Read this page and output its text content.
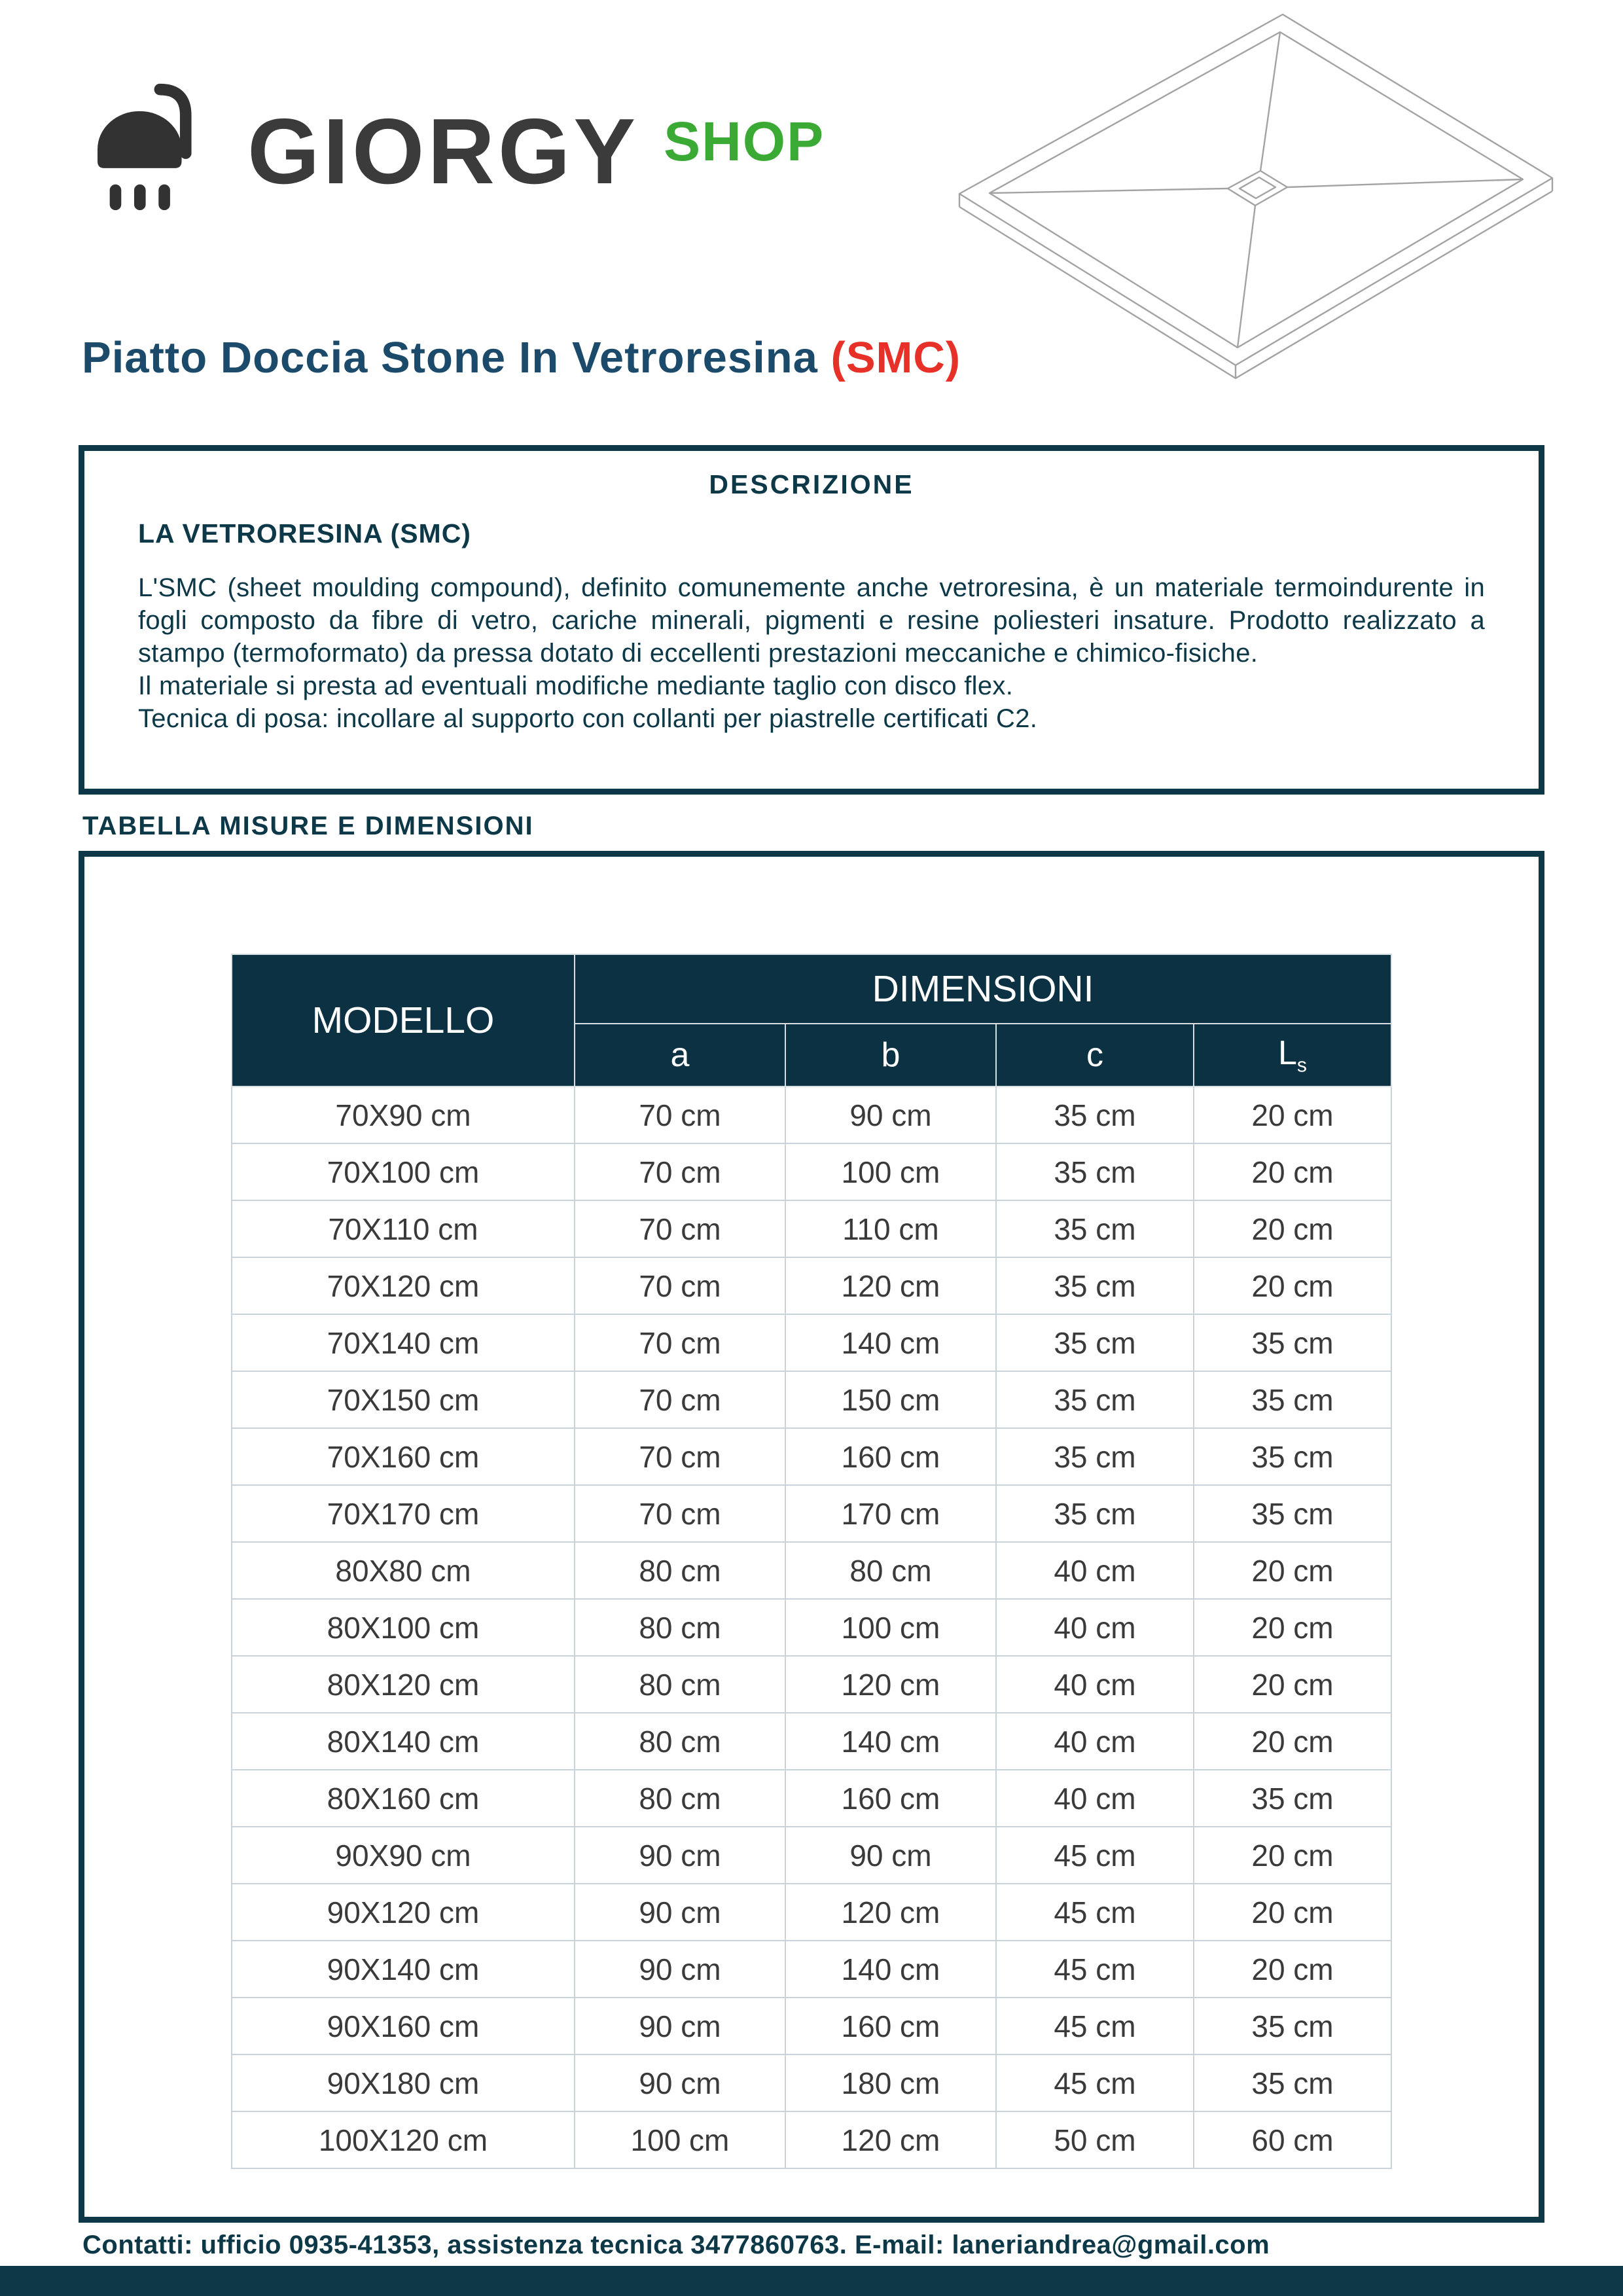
GIORGY SHOP
Piatto Doccia Stone In Vetroresina (SMC)
DESCRIZIONE
LA VETRORESINA (SMC)

L'SMC (sheet moulding compound), definito comunemente anche vetroresina, è un materiale termoindurente in fogli composto da fibre di vetro, cariche minerali, pigmenti e resine poliesteri insature. Prodotto realizzato a stampo (termoformato) da pressa dotato di eccellenti prestazioni meccaniche e chimico-fisiche.

Il materiale si presta ad eventuali modifiche mediante taglio con disco flex.

Tecnica di posa: incollare al supporto con collanti per piastrelle certificati C2.

TABELLA MISURE E DIMENSIONI
MODELLO	DIMENSIONI			
	a	b	c	$L_s$
70X90 cm	70 cm	90 cm	35 cm	20 cm
70X100 cm	70 cm	100 cm	35 cm	20 cm
70X110 cm	70 cm	110 cm	35 cm	20 cm
70X120 cm	70 cm	120 cm	35 cm	20 cm
70X140 cm	70 cm	140 cm	35 cm	35 cm
70X150 cm	70 cm	150 cm	35 cm	35 cm
70X160 cm	70 cm	160 cm	35 cm	35 cm
70X170 cm	70 cm	170 cm	35 cm	35 cm
80X80 cm	80 cm	80 cm	40 cm	20 cm
80X100 cm	80 cm	100 cm	40 cm	20 cm
80X120 cm	80 cm	120 cm	40 cm	20 cm
80X140 cm	80 cm	140 cm	40 cm	20 cm
80X160 cm	80 cm	160 cm	40 cm	35 cm
90X90 cm	90 cm	90 cm	45 cm	20 cm
90X120 cm	90 cm	120 cm	45 cm	20 cm
90X140 cm	90 cm	140 cm	45 cm	20 cm
90X160 cm	90 cm	160 cm	45 cm	35 cm
90X180 cm	90 cm	180 cm	45 cm	35 cm
100X120 cm	100 cm	120 cm	50 cm	60 cm
Contatti: ufficio 0935-41353, assistenza tecnica 3477860763. E-mail: laneriandrea@gmail.com
